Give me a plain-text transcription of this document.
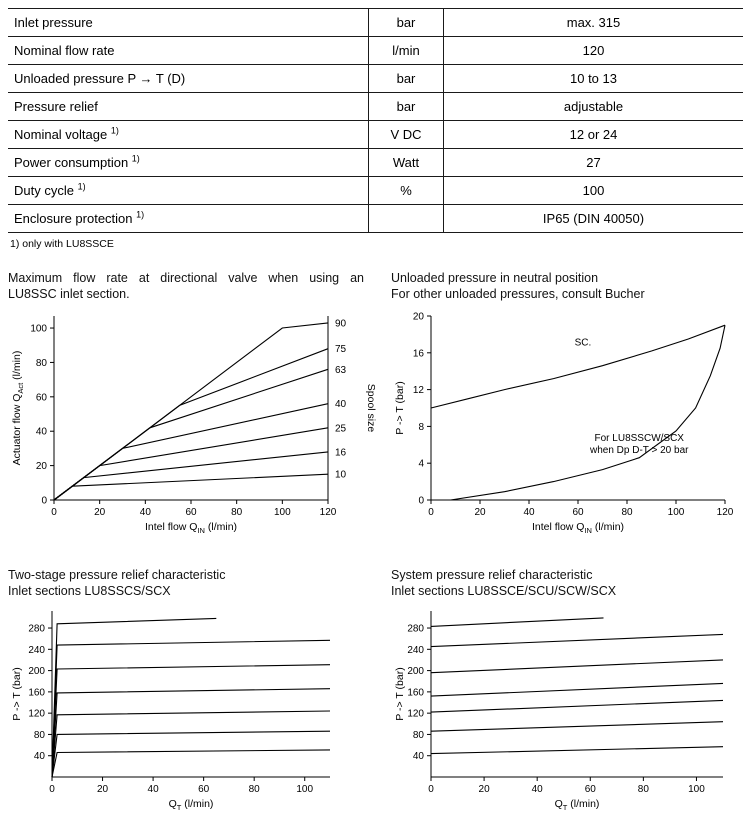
Inlet pressure	bar	max. 315
Nominal flow rate	l/min	120
Unloaded pressure P → T (D)	bar	10 to 13
Pressure relief	bar	adjustable
Nominal voltage $^{1)}$	V DC	12 or 24
Power consumption $^{1)}$	Watt	27
Duty cycle $^{1)}$	%	100
Enclosure protection $^{1)}$		IP65 (DIN 40050)
1) only with LU8SSCE
Maximum flow rate at directional valve when using an
LU8SSC inlet section.
0	20	40	60	80	100	120
0
20
40
60
80
100	90
75
63
40
25
16
10
Intel flow $Q_{IN}$ (l/min)
Actuator flow $Q_{Act}$ (l/min)
Spool size
Unloaded pressure in neutral position
For other unloaded pressures, consult Bucher
0	20	40	60	80	100	120
0
4
8
12
16
20
SC.
For LU8SSCW/SCX
when Dp D-T > 20 bar
Intel flow $Q_{IN}$ (l/min)
P -> T (bar)
Two-stage pressure relief characteristic
Inlet sections LU8SSCS/SCX
0	20	40	60	80	100
40
80
120
160
200
240
280
$Q_T$ (l/min)
P -> T (bar)
System pressure relief characteristic
Inlet sections LU8SSCE/SCU/SCW/SCX
0	20	40	60	80	100
40
80
120
160
200
240
280
$Q_T$ (l/min)
P -> T (bar)
